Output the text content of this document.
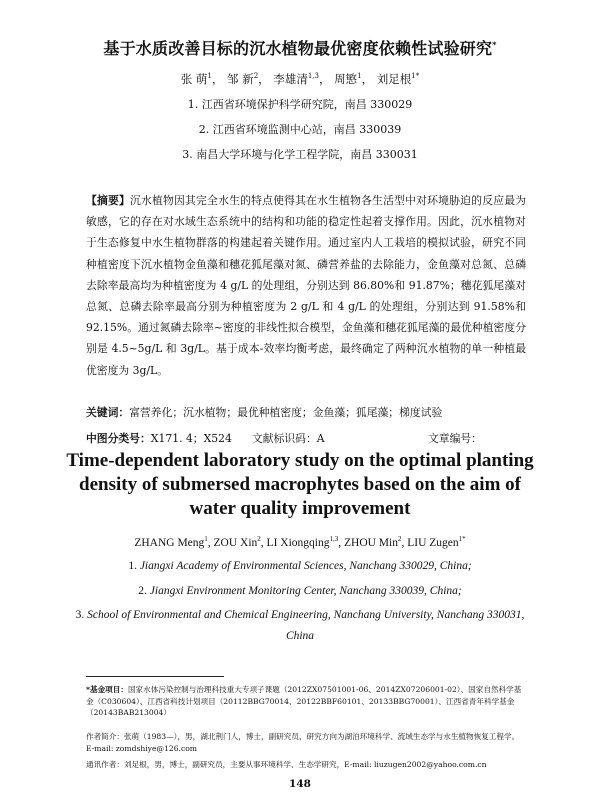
基于水质改善目标的沉水植物最优密度依赖性试验研究*
张 萌$^1$， 邹 新$^2$， 李雄清$^{1,3}$， 周慜$^1$， 刘足根$^{1*}$
1. 江西省环境保护科学研究院，南昌 330029
2. 江西省环境监测中心站，南昌 330039
3. 南昌大学环境与化学工程学院，南昌 330031
【摘要】沉水植物因其完全水生的特点使得其在水生植物各生活型中对环境胁迫的反应最为敏感，它的存在对水域生态系统中的结构和功能的稳定性起着支撑作用。因此，沉水植物对于生态修复中水生植物群落的构建起着关键作用。通过室内人工栽培的模拟试验，研究不同种植密度下沉水植物金鱼藻和穗花狐尾藻对氮、磷营养盐的去除能力，金鱼藻对总氮、总磷去除率最高均为种植密度为 4 g/L 的处理组，分别达到 86.80%和 91.87%；穗花狐尾藻对总氮、总磷去除率最高分别为种植密度为 2 g/L 和 4 g/L 的处理组，分别达到 91.58%和 92.15%。通过氮磷去除率~密度的非线性拟合模型，金鱼藻和穗花狐尾藻的最优种植密度分别是 4.5~5g/L 和 3g/L。基于成本-效率均衡考虑，最终确定了两种沉水植物的单一种植最优密度为 3g/L。
关键词：富营养化；沉水植物；最优种植密度；金鱼藻；狐尾藻；梯度试验
中图分类号：X171. 4；X524 文献标识码：A	文章编号：
Time-dependent laboratory study on the optimal planting density of submersed macrophytes based on the aim of water quality improvement
ZHANG Meng$^1$, ZOU Xin$^2$, LI Xiongqing$^{1,3}$, ZHOU Min$^2$, LIU Zugen$^{1*}$
1. Jiangxi Academy of Environmental Sciences, Nanchang 330029, China;
2. Jiangxi Environment Monitoring Center, Nanchang 330039, China;
3. School of Environmental and Chemical Engineering, Nanchang University, Nanchang 330031,
China
*基金项目：国家水体污染控制与治理科技重大专项子课题（2012ZX07501001-06、2014ZX07206001-02）、国家自然科学基金（C030604）、江西省科技计划项目（20112BBG70014、20122BBF60101、20133BBG70001）、江西省青年科学基金（20143BAB213004）
作者简介：张萌（1983—），男，湖北荆门人，博士，副研究员，研究方向为湖泊环境科学、流域生态学与水生植物恢复工程学。E-mail: zomdshiye@126.com
通讯作者：刘足根，男，博士，副研究员，主要从事环境科学、生态学研究，E-mail: liuzugen2002@yahoo.com.cn
148
